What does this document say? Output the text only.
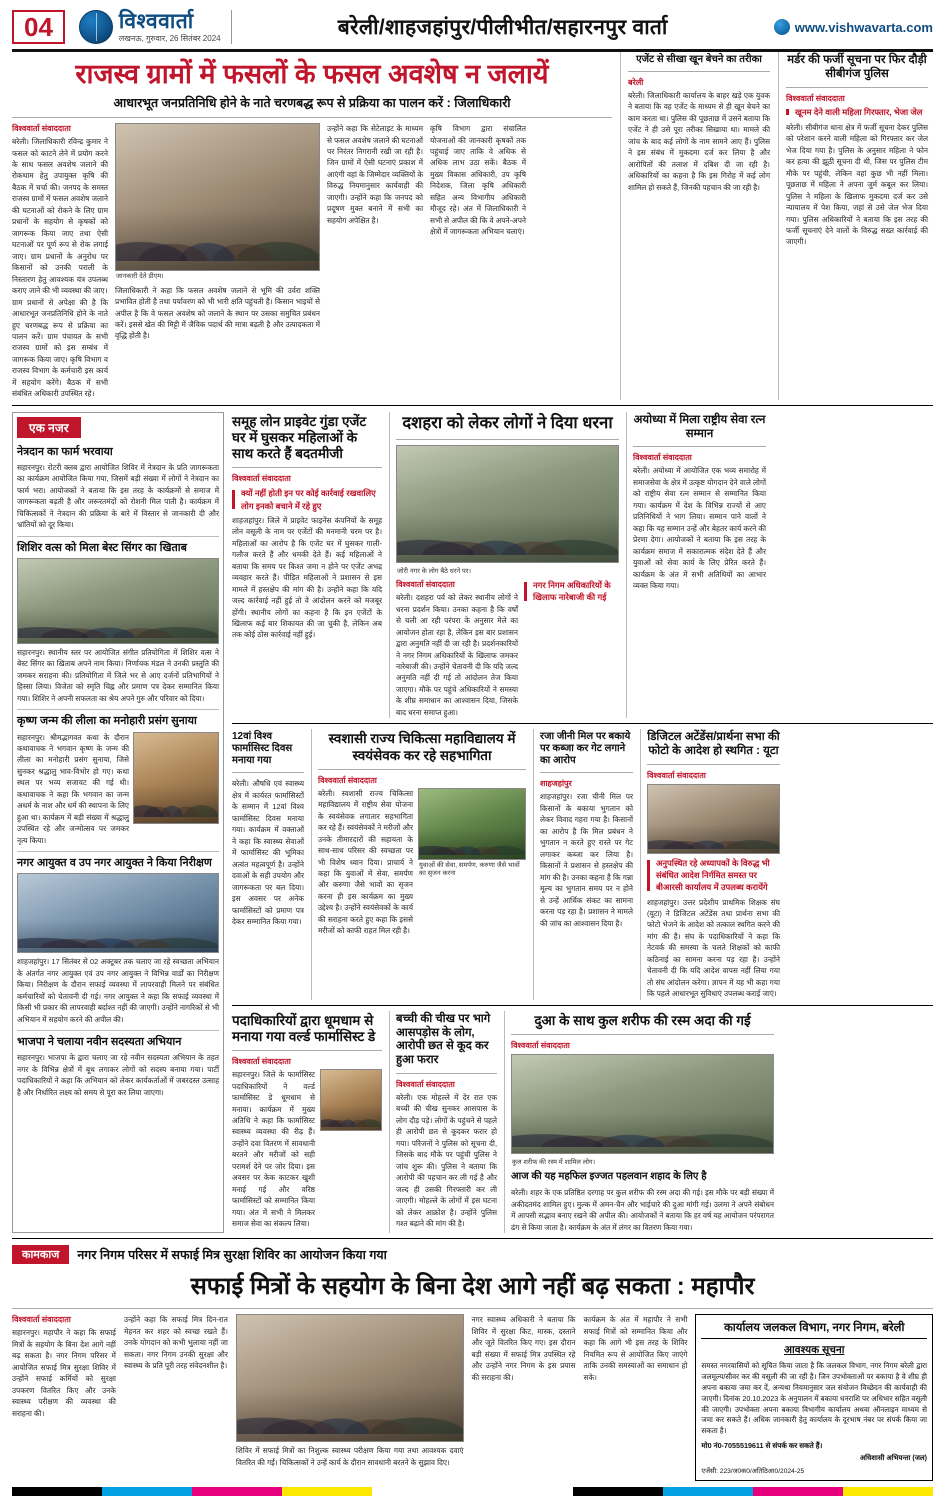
04	विश्ववार्ता
लखनऊ, गुरुवार, 26 सितंबर 2024	बरेली/शाहजहांपुर/पीलीभीत/सहारनपुर वार्ता	www.vishwavarta.com
राजस्व ग्रामों में फसलों के फसल अवशेष न जलायें
आधारभूत जनप्रतिनिधि होने के नाते चरणबद्ध रूप से प्रक्रिया का पालन करें : जिलाधिकारी
विश्ववार्ता संवाददाता
बरेली। जिलाधिकारी रविन्द्र कुमार ने फसल को काटने लेने में प्रयोग करने के साथ फसल अवशेष जलाने की रोकथाम हेतु उपायुक्त कृषि की बैठक में चर्चा की। जनपद के समस्त राजस्व ग्रामों में फसल अवशेष जलाने की घटनाओं को रोकने के लिए ग्राम प्रधानों के सहयोग से कृषकों को जागरूक किया जाए तथा ऐसी घटनाओं पर पूर्ण रूप से रोक लगाई जाए। ग्राम प्रधानों के अनुरोध पर किसानों को उनकी पराली के निस्तारण हेतु आवश्यक यंत्र उपलब्ध कराए जाने की भी व्यवस्था की जाए।
ग्राम प्रधानों से अपेक्षा की है कि आधारभूत जनप्रतिनिधि होने के नाते हुए चरणबद्ध रूप से प्रक्रिया का पालन करें। ग्राम पंचायत के सभी राजस्व ग्रामों को इस सम्बंध में जागरूक किया जाए। कृषि विभाग व राजस्व विभाग के कर्मचारी इस कार्य में सहयोग करेंगे। बैठक में सभी संबंधित अधिकारी उपस्थित रहे।
जानकारी देते डीएम।
जिलाधिकारी ने कहा कि फसल अवशेष जलाने से भूमि की उर्वरा शक्ति प्रभावित होती है तथा पर्यावरण को भी भारी क्षति पहुंचती है। किसान भाइयों से अपील है कि वे फसल अवशेष को जलाने के स्थान पर उसका समुचित प्रबंधन करें। इससे खेत की मिट्टी में जैविक पदार्थ की मात्रा बढ़ती है और उत्पादकता में वृद्धि होती है।
उन्होंने कहा कि सेटेलाइट के माध्यम से फसल अवशेष जलाने की घटनाओं पर निरंतर निगरानी रखी जा रही है। जिन ग्रामों में ऐसी घटनाएं प्रकाश में आएंगी वहां के जिम्मेदार व्यक्तियों के विरुद्ध नियमानुसार कार्यवाही की जाएगी। उन्होंने कहा कि जनपद को प्रदूषण मुक्त बनाने में सभी का सहयोग अपेक्षित है।
कृषि विभाग द्वारा संचालित योजनाओं की जानकारी कृषकों तक पहुंचाई जाए ताकि वे अधिक से अधिक लाभ उठा सकें। बैठक में मुख्य विकास अधिकारी, उप कृषि निदेशक, जिला कृषि अधिकारी सहित अन्य विभागीय अधिकारी मौजूद रहे। अंत में जिलाधिकारी ने सभी से अपील की कि वे अपने-अपने क्षेत्रों में जागरूकता अभियान चलाएं।
एजेंट से सीखा खून बेचने का तरीका
बरेली
बरेली। जिलाधिकारी कार्यालय के बाहर खड़े एक युवक ने बताया कि वह एजेंट के माध्यम से ही खून बेचने का काम करता था। पुलिस की पूछताछ में उसने बताया कि एजेंट ने ही उसे पूरा तरीका सिखाया था। मामले की जांच के बाद कई लोगों के नाम सामने आए हैं। पुलिस ने इस संबंध में मुकदमा दर्ज कर लिया है और आरोपितों की तलाश में दबिश दी जा रही है। अधिकारियों का कहना है कि इस गिरोह में कई लोग शामिल हो सकते हैं, जिनकी पहचान की जा रही है।
मर्डर की फर्जी सूचना पर फिर दौड़ी सीबीगंज पुलिस
विश्ववार्ता संवाददाता
खूनम देने वाली महिला गिरफ्तार, भेजा जेल
बरेली। सीबीगंज थाना क्षेत्र में फर्जी सूचना देकर पुलिस को परेशान करने वाली महिला को गिरफ्तार कर जेल भेज दिया गया है। पुलिस के अनुसार महिला ने फोन कर हत्या की झूठी सूचना दी थी, जिस पर पुलिस टीम मौके पर पहुंची, लेकिन वहां कुछ भी नहीं मिला। पूछताछ में महिला ने अपना जुर्म कबूल कर लिया। पुलिस ने महिला के खिलाफ मुकदमा दर्ज कर उसे न्यायालय में पेश किया, जहां से उसे जेल भेज दिया गया। पुलिस अधिकारियों ने बताया कि इस तरह की फर्जी सूचनाएं देने वालों के विरुद्ध सख्त कार्रवाई की जाएगी।
एक नजर
नेत्रदान का फार्म भरवाया
सहारनपुर। रोटरी क्लब द्वारा आयोजित शिविर में नेत्रदान के प्रति जागरूकता का कार्यक्रम आयोजित किया गया, जिसमें बड़ी संख्या में लोगों ने नेत्रदान का फार्म भरा। आयोजकों ने बताया कि इस तरह के कार्यक्रमों से समाज में जागरूकता बढ़ती है और जरूरतमंदों को रोशनी मिल पाती है। कार्यक्रम में चिकित्सकों ने नेत्रदान की प्रक्रिया के बारे में विस्तार से जानकारी दी और भ्रांतियों को दूर किया।
शिशिर वत्स को मिला बेस्ट सिंगर का खिताब
सहारनपुर। स्थानीय स्तर पर आयोजित संगीत प्रतियोगिता में शिशिर वत्स ने बेस्ट सिंगर का खिताब अपने नाम किया। निर्णायक मंडल ने उनकी प्रस्तुति की जमकर सराहना की। प्रतियोगिता में जिले भर से आए दर्जनों प्रतिभागियों ने हिस्सा लिया। विजेता को स्मृति चिह्न और प्रमाण पत्र देकर सम्मानित किया गया। शिशिर ने अपनी सफलता का श्रेय अपने गुरु और परिवार को दिया।
कृष्ण जन्म की लीला का मनोहारी प्रसंग सुनाया
सहारनपुर। श्रीमद्भागवत कथा के दौरान कथावाचक ने भगवान कृष्ण के जन्म की लीला का मनोहारी प्रसंग सुनाया, जिसे सुनकर श्रद्धालु भाव-विभोर हो गए। कथा स्थल पर भव्य सजावट की गई थी। कथावाचक ने कहा कि भगवान का जन्म अधर्म के नाश और धर्म की स्थापना के लिए हुआ था। कार्यक्रम में बड़ी संख्या में श्रद्धालु उपस्थित रहे और जन्मोत्सव पर जमकर नृत्य किया।
नगर आयुक्त व उप नगर आयुक्त ने किया निरीक्षण
शाहजहांपुर। 17 सितंबर से 02 अक्टूबर तक चलाए जा रहे स्वच्छता अभियान के अंतर्गत नगर आयुक्त एवं उप नगर आयुक्त ने विभिन्न वार्डों का निरीक्षण किया। निरीक्षण के दौरान सफाई व्यवस्था में लापरवाही मिलने पर संबंधित कर्मचारियों को चेतावनी दी गई। नगर आयुक्त ने कहा कि सफाई व्यवस्था में किसी भी प्रकार की लापरवाही बर्दाश्त नहीं की जाएगी। उन्होंने नागरिकों से भी अभियान में सहयोग करने की अपील की।
भाजपा ने चलाया नवीन सदस्यता अभियान
सहारनपुर। भाजपा के द्वारा चलाए जा रहे नवीन सदस्यता अभियान के तहत नगर के विभिन्न क्षेत्रों में बूथ लगाकर लोगों को सदस्य बनाया गया। पार्टी पदाधिकारियों ने कहा कि अभियान को लेकर कार्यकर्ताओं में जबरदस्त उत्साह है और निर्धारित लक्ष्य को समय से पूरा कर लिया जाएगा।
समूह लोन प्राइवेट गुंडा एजेंट घर में घुसकर महिलाओं के साथ करते हैं बदतमीजी
विश्ववार्ता संवाददाता
क्यों नहीं होती इन पर कोई कार्रवाई रखवालिए लोग इनको बचाने में रहे हुए
शाहजहांपुर। जिले में प्राइवेट फाइनेंस कंपनियों के समूह लोन वसूली के नाम पर एजेंटों की मनमानी चरम पर है। महिलाओं का आरोप है कि एजेंट घर में घुसकर गाली-गलौज करते हैं और धमकी देते हैं। कई महिलाओं ने बताया कि समय पर किश्त जमा न होने पर एजेंट अभद्र व्यवहार करते हैं। पीड़ित महिलाओं ने प्रशासन से इस मामले में हस्तक्षेप की मांग की है। उन्होंने कहा कि यदि जल्द कार्रवाई नहीं हुई तो वे आंदोलन करने को मजबूर होंगी। स्थानीय लोगों का कहना है कि इन एजेंटों के खिलाफ कई बार शिकायत की जा चुकी है, लेकिन अब तक कोई ठोस कार्रवाई नहीं हुई।
दशहरा को लेकर लोगों ने दिया धरना
जोरी नगर के लोग बैठे धरने पर।
विश्ववार्ता संवाददाता
बरेली। दशहरा पर्व को लेकर स्थानीय लोगों ने धरना प्रदर्शन किया। उनका कहना है कि वर्षों से चली आ रही परंपरा के अनुसार मेले का आयोजन होता रहा है, लेकिन इस बार प्रशासन द्वारा अनुमति नहीं दी जा रही है। प्रदर्शनकारियों ने नगर निगम अधिकारियों के खिलाफ जमकर नारेबाजी की। उन्होंने चेतावनी दी कि यदि जल्द अनुमति नहीं दी गई तो आंदोलन तेज किया जाएगा। मौके पर पहुंचे अधिकारियों ने समस्या के शीघ्र समाधान का आश्वासन दिया, जिसके बाद धरना समाप्त हुआ।
नगर निगम अधिकारियों के खिलाफ नारेबाजी की गई
अयोध्या में मिला राष्ट्रीय सेवा रत्न सम्मान
विश्ववार्ता संवाददाता
बरेली। अयोध्या में आयोजित एक भव्य समारोह में समाजसेवा के क्षेत्र में उत्कृष्ट योगदान देने वाले लोगों को राष्ट्रीय सेवा रत्न सम्मान से सम्मानित किया गया। कार्यक्रम में देश के विभिन्न राज्यों से आए प्रतिनिधियों ने भाग लिया। सम्मान पाने वालों ने कहा कि यह सम्मान उन्हें और बेहतर कार्य करने की प्रेरणा देगा। आयोजकों ने बताया कि इस तरह के कार्यक्रम समाज में सकारात्मक संदेश देते हैं और युवाओं को सेवा कार्य के लिए प्रेरित करते हैं। कार्यक्रम के अंत में सभी अतिथियों का आभार व्यक्त किया गया।
12वां विश्व फार्मासिस्ट दिवस मनाया गया
बरेली। औषधि एवं स्वास्थ्य क्षेत्र में कार्यरत फार्मासिस्टों के सम्मान में 12वां विश्व फार्मासिस्ट दिवस मनाया गया। कार्यक्रम में वक्ताओं ने कहा कि स्वास्थ्य सेवाओं में फार्मासिस्ट की भूमिका अत्यंत महत्वपूर्ण है। उन्होंने दवाओं के सही उपयोग और जागरूकता पर बल दिया। इस अवसर पर अनेक फार्मासिस्टों को प्रमाण पत्र देकर सम्मानित किया गया।
स्वशासी राज्य चिकित्सा महाविद्यालय में स्वयंसेवक कर रहे सहभागिता
विश्ववार्ता संवाददाता
बरेली। स्वशासी राज्य चिकित्सा महाविद्यालय में राष्ट्रीय सेवा योजना के स्वयंसेवक लगातार सहभागिता कर रहे हैं। स्वयंसेवकों ने मरीजों और उनके तीमारदारों की सहायता के साथ-साथ परिसर की स्वच्छता पर भी विशेष ध्यान दिया। प्राचार्य ने कहा कि युवाओं में सेवा, समर्पण और करुणा जैसे भावों का सृजन करना ही इस कार्यक्रम का मुख्य उद्देश्य है। उन्होंने स्वयंसेवकों के कार्य की सराहना करते हुए कहा कि इससे मरीजों को काफी राहत मिल रही है।
युवाओं की सेवा, समर्पण, करुणा जैसे भावों का सृजन करना
रजा जीनी मिल पर बकाये पर कब्जा कर गेट लगाने का आरोप
शाहजहांपुर
शाहजहांपुर। रजा चीनी मिल पर किसानों के बकाया भुगतान को लेकर विवाद गहरा गया है। किसानों का आरोप है कि मिल प्रबंधन ने भुगतान न करते हुए रास्ते पर गेट लगाकर कब्जा कर लिया है। किसानों ने प्रशासन से हस्तक्षेप की मांग की है। उनका कहना है कि गन्ना मूल्य का भुगतान समय पर न होने से उन्हें आर्थिक संकट का सामना करना पड़ रहा है। प्रशासन ने मामले की जांच का आश्वासन दिया है।
डिजिटल अटेंडेंस/प्रार्थना सभा की फोटो के आदेश हो स्थगित : यूटा
विश्ववार्ता संवाददाता
अनुपस्थित रहे अध्यापकों के विरुद्ध भी संबंधित आदेश निर्गमित समस्त पर बीआरसी कार्यालय में उपलब्ध करायेंगे
शाहजहांपुर। उत्तर प्रदेशीय प्राथमिक शिक्षक संघ (यूटा) ने डिजिटल अटेंडेंस तथा प्रार्थना सभा की फोटो भेजने के आदेश को तत्काल स्थगित करने की मांग की है। संघ के पदाधिकारियों ने कहा कि नेटवर्क की समस्या के चलते शिक्षकों को काफी कठिनाई का सामना करना पड़ रहा है। उन्होंने चेतावनी दी कि यदि आदेश वापस नहीं लिया गया तो संघ आंदोलन करेगा। ज्ञापन में यह भी कहा गया कि पहले आधारभूत सुविधाएं उपलब्ध कराई जाएं।
पदाधिकारियों द्वारा धूमधाम से मनाया गया वर्ल्ड फार्मासिस्ट डे
विश्ववार्ता संवाददाता
सहारनपुर। जिले के फार्मासिस्ट पदाधिकारियों ने वर्ल्ड फार्मासिस्ट डे धूमधाम से मनाया। कार्यक्रम में मुख्य अतिथि ने कहा कि फार्मासिस्ट स्वास्थ्य व्यवस्था की रीढ़ हैं। उन्होंने दवा वितरण में सावधानी बरतने और मरीजों को सही परामर्श देने पर जोर दिया। इस अवसर पर केक काटकर खुशी मनाई गई और वरिष्ठ फार्मासिस्टों को सम्मानित किया गया। अंत में सभी ने मिलकर समाज सेवा का संकल्प लिया।
बच्ची की चीख पर भागे आसपड़ोस के लोग, आरोपी छत से कूद कर हुआ फरार
विश्ववार्ता संवाददाता
बरेली। एक मोहल्ले में देर रात एक बच्ची की चीख सुनकर आसपास के लोग दौड़ पड़े। लोगों के पहुंचने से पहले ही आरोपी छत से कूदकर फरार हो गया। परिजनों ने पुलिस को सूचना दी, जिसके बाद मौके पर पहुंची पुलिस ने जांच शुरू की। पुलिस ने बताया कि आरोपी की पहचान कर ली गई है और जल्द ही उसकी गिरफ्तारी कर ली जाएगी। मोहल्ले के लोगों में इस घटना को लेकर आक्रोश है। उन्होंने पुलिस गश्त बढ़ाने की मांग की है।
दुआ के साथ कुल शरीफ की रस्म अदा की गई
विश्ववार्ता संवाददाता
कुल शरीफ की रस्म में शामिल लोग।
आज की यह महफिल इज्जत पहलवान शहाद के लिए है
बरेली। शहर के एक प्रतिष्ठित दरगाह पर कुल शरीफ की रस्म अदा की गई। इस मौके पर बड़ी संख्या में अकीदतमंद शामिल हुए। मुल्क में अमन-चैन और भाईचारे की दुआ मांगी गई। उलमा ने अपने संबोधन में आपसी सद्भाव बनाए रखने की अपील की। आयोजकों ने बताया कि हर वर्ष यह आयोजन परंपरागत ढंग से किया जाता है। कार्यक्रम के अंत में लंगर का वितरण किया गया।
कामकाज	नगर निगम परिसर में सफाई मित्र सुरक्षा शिविर का आयोजन किया गया
सफाई मित्रों के सहयोग के बिना देश आगे नहीं बढ़ सकता : महापौर
विश्ववार्ता संवाददाता
सहारनपुर। महापौर ने कहा कि सफाई मित्रों के सहयोग के बिना देश आगे नहीं बढ़ सकता है। नगर निगम परिसर में आयोजित सफाई मित्र सुरक्षा शिविर में उन्होंने सफाई कर्मियों को सुरक्षा उपकरण वितरित किए और उनके स्वास्थ्य परीक्षण की व्यवस्था की सराहना की।
उन्होंने कहा कि सफाई मित्र दिन-रात मेहनत कर शहर को स्वच्छ रखते हैं। उनके योगदान को कभी भुलाया नहीं जा सकता। नगर निगम उनकी सुरक्षा और स्वास्थ्य के प्रति पूरी तरह संवेदनशील है।
शिविर में सफाई मित्रों का निशुल्क स्वास्थ्य परीक्षण किया गया तथा आवश्यक दवाएं वितरित की गईं। चिकित्सकों ने उन्हें कार्य के दौरान सावधानी बरतने के सुझाव दिए।
नगर स्वास्थ्य अधिकारी ने बताया कि शिविर में सुरक्षा किट, मास्क, दस्ताने और जूते वितरित किए गए। इस दौरान बड़ी संख्या में सफाई मित्र उपस्थित रहे और उन्होंने नगर निगम के इस प्रयास की सराहना की।
कार्यक्रम के अंत में महापौर ने सभी सफाई मित्रों को सम्मानित किया और कहा कि आगे भी इस तरह के शिविर नियमित रूप से आयोजित किए जाएंगे ताकि उनकी समस्याओं का समाधान हो सके।
कार्यालय जलकल विभाग, नगर निगम, बरेली
आवश्यक सूचना
समस्त नगरवासियों को सूचित किया जाता है कि जलकल विभाग, नगर निगम बरेली द्वारा जलमूल्य/सीवर कर की वसूली की जा रही है। जिन उपभोक्ताओं पर बकाया है वे शीघ्र ही अपना बकाया जमा कर दें, अन्यथा नियमानुसार जल संयोजन विच्छेदन की कार्यवाही की जाएगी। दिनांक 20.10.2023 के अनुपालन में बकाया धनराशि पर अधिभार सहित वसूली की जाएगी। उपभोक्ता अपना बकाया विभागीय कार्यालय अथवा ऑनलाइन माध्यम से जमा कर सकते हैं। अधिक जानकारी हेतु कार्यालय के दूरभाष नंबर पर संपर्क किया जा सकता है।
मो0 नं0-7055519611 से संपर्क कर सकते हैं।
अधिशासी अभियन्ता (जल)
एजेंसी: 223/ज0क0/अतिठिआ0/2024-25
